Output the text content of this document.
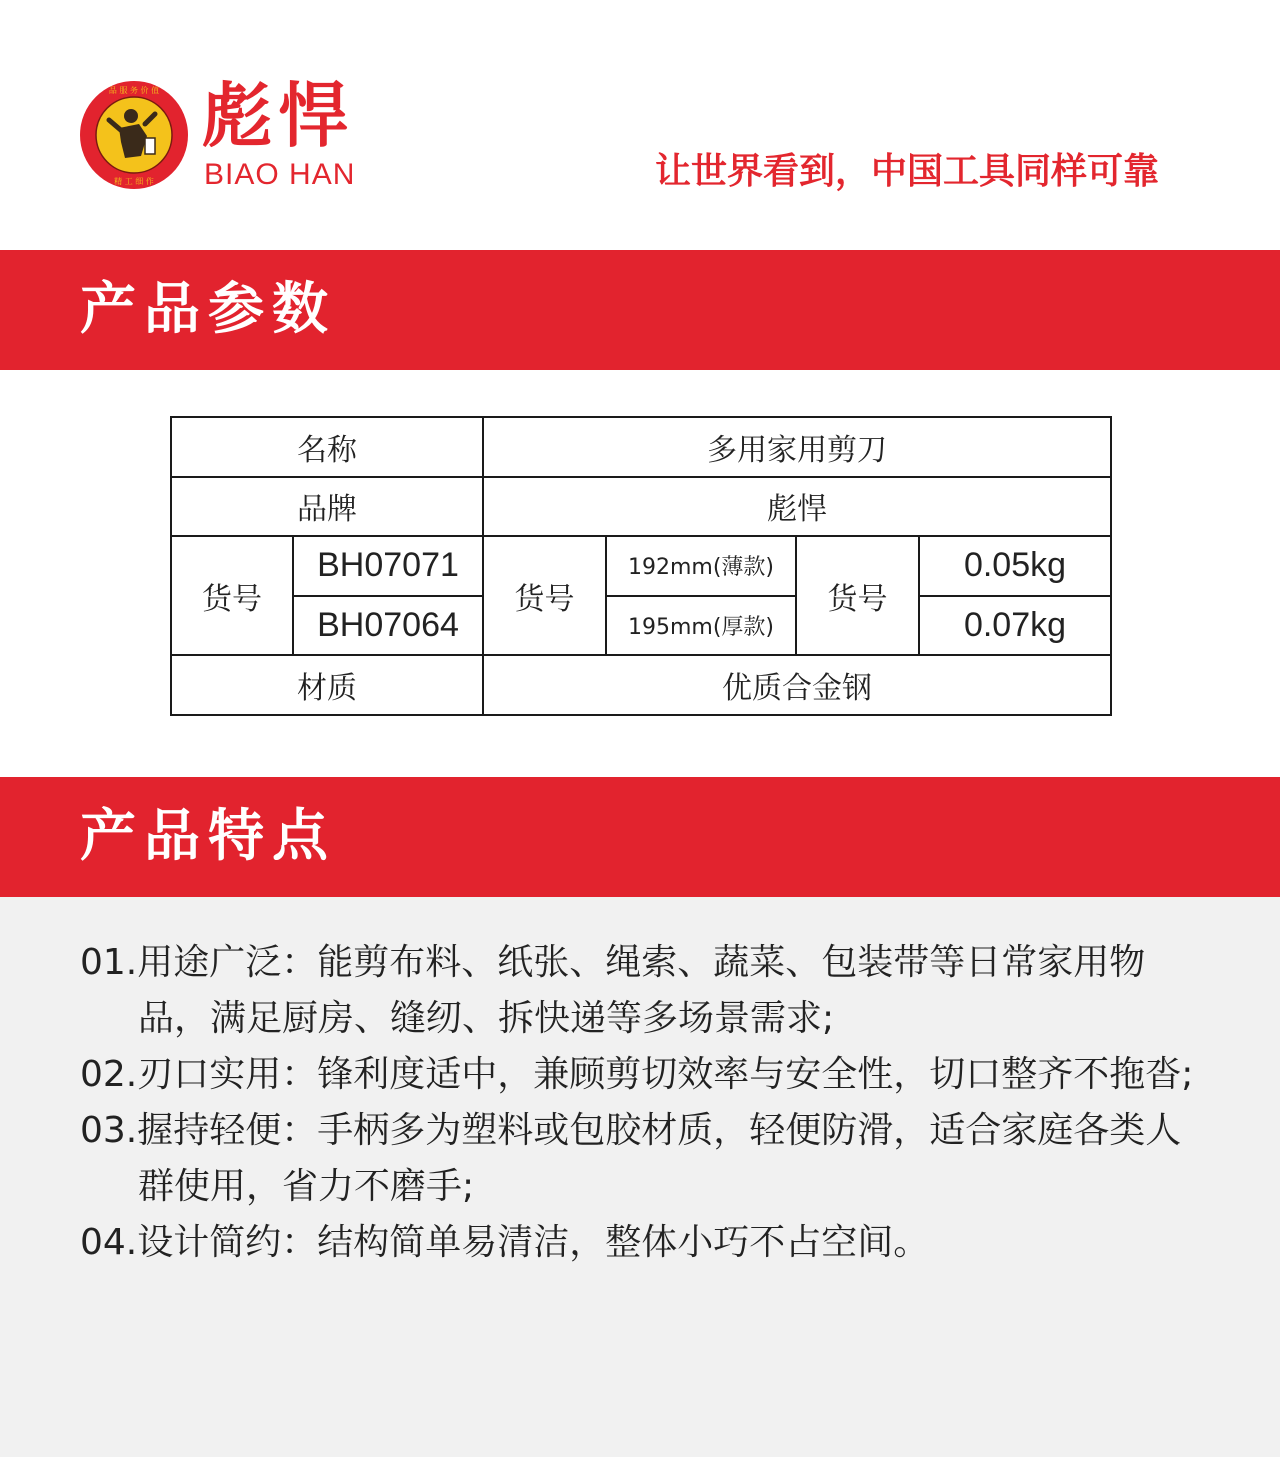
品 服 务 价 值
精 工 细 作
彪悍
BIAO HAN	让世界看到，中国工具同样可靠
产品参数
名称		多用家用剪刀			
品牌		彪悍			
货号	BH07071	货号	192mm(薄款)	货号	0.05kg
	BH07064		195mm(厚款)		0.07kg
材质		优质合金钢			
产品特点
01.用途广泛：能剪布料、纸张、绳索、蔬菜、包装带等日常家用物品，满足厨房、缝纫、拆快递等多场景需求;
02.刃口实用：锋利度适中，兼顾剪切效率与安全性，切口整齐不拖沓;
03.握持轻便：手柄多为塑料或包胶材质，轻便防滑，适合家庭各类人群使用，省力不磨手;
04.设计简约：结构简单易清洁，整体小巧不占空间。
